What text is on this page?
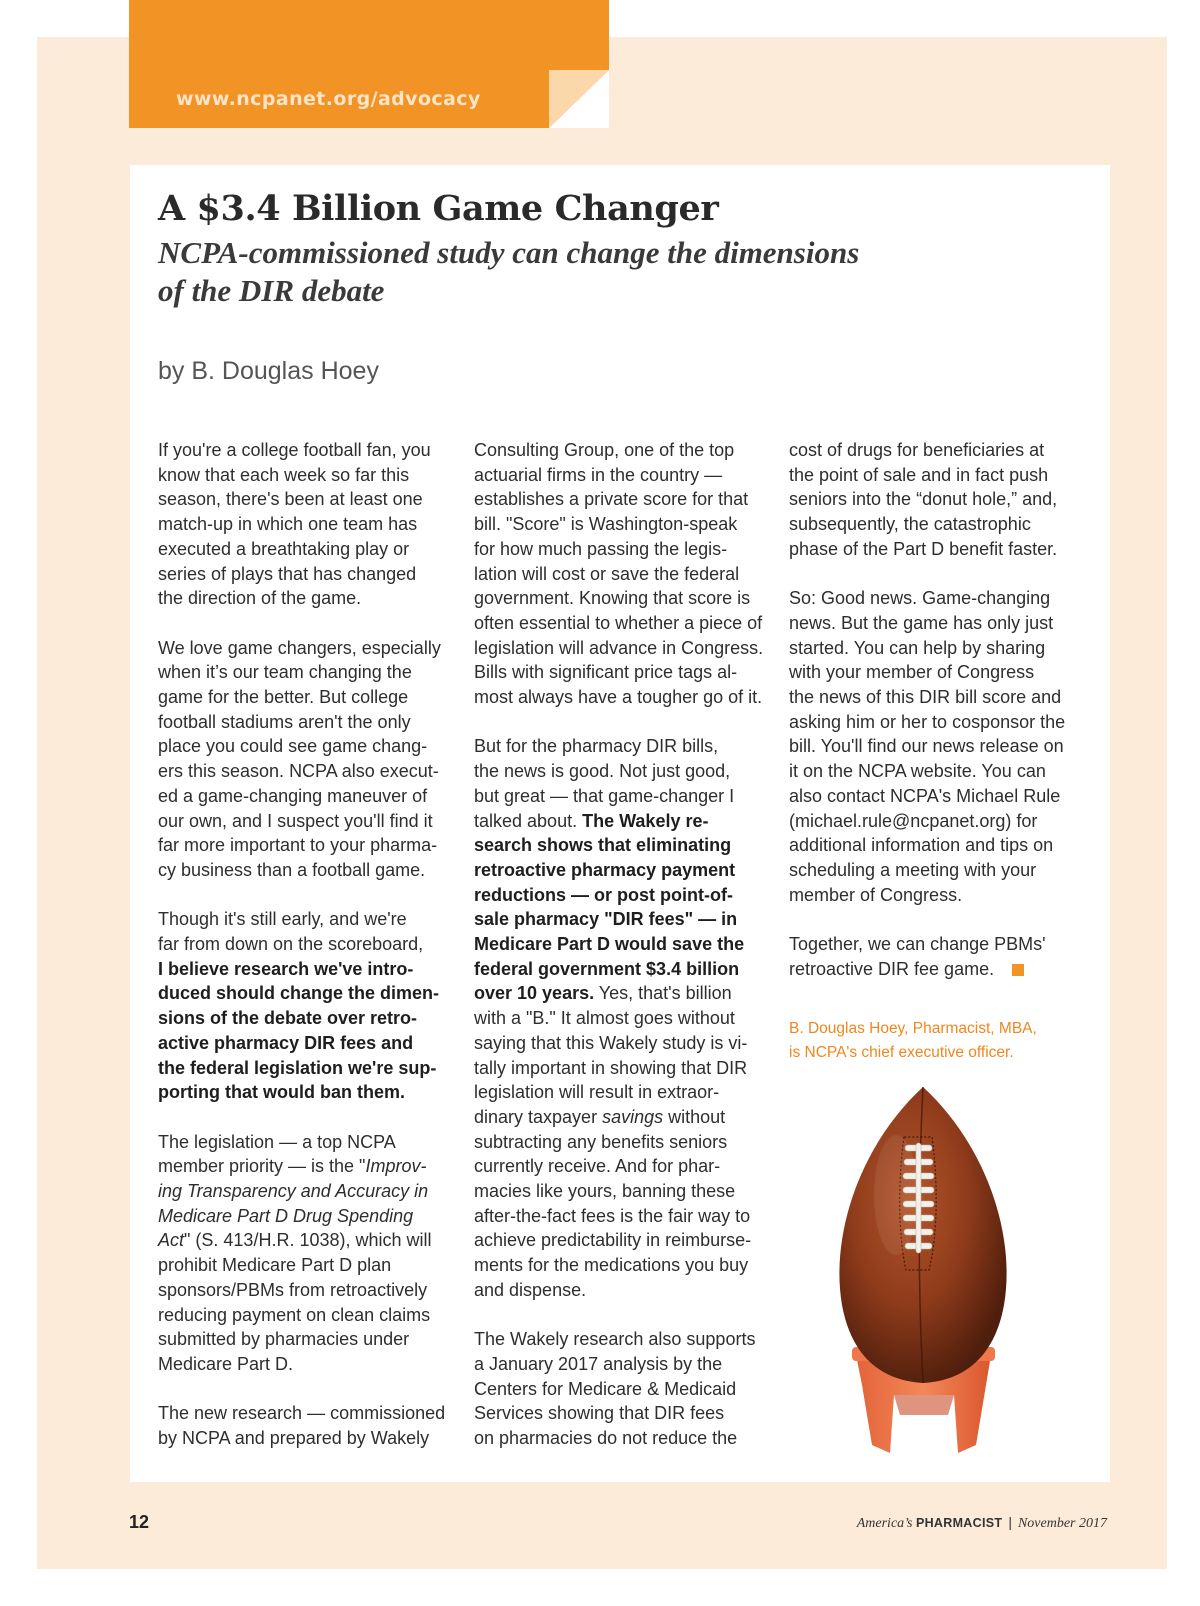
www.ncpanet.org/advocacy
A $3.4 Billion Game Changer
NCPA-commissioned study can change the dimensions
of the DIR debate
by B. Douglas Hoey

If you're a college football fan, you
know that each week so far this
season, there's been at least one
match-up in which one team has
executed a breathtaking play or
series of plays that has changed
the direction of the game.

We love game changers, especially
when it’s our team changing the
game for the better. But college
football stadiums aren't the only
place you could see game chang-
ers this season. NCPA also execut-
ed a game-changing maneuver of
our own, and I suspect you'll find it
far more important to your pharma-
cy business than a football game.

Though it's still early, and we're
far from down on the scoreboard,
I believe research we've intro-
duced should change the dimen-
sions of the debate over retro-
active pharmacy DIR fees and
the federal legislation we're sup-
porting that would ban them.

The legislation — a top NCPA
member priority — is the "Improv-
ing Transparency and Accuracy in
Medicare Part D Drug Spending
Act" (S. 413/H.R. 1038), which will
prohibit Medicare Part D plan
sponsors/PBMs from retroactively
reducing payment on clean claims
submitted by pharmacies under
Medicare Part D.

The new research — commissioned
by NCPA and prepared by Wakely

Consulting Group, one of the top
actuarial firms in the country —
establishes a private score for that
bill. "Score" is Washington-speak
for how much passing the legis-
lation will cost or save the federal
government. Knowing that score is
often essential to whether a piece of
legislation will advance in Congress.
Bills with significant price tags al-
most always have a tougher go of it.

But for the pharmacy DIR bills,
the news is good. Not just good,
but great — that game-changer I
talked about. The Wakely re-
search shows that eliminating
retroactive pharmacy payment
reductions — or post point-of-
sale pharmacy "DIR fees" — in
Medicare Part D would save the
federal government $3.4 billion
over 10 years. Yes, that's billion
with a "B." It almost goes without
saying that this Wakely study is vi-
tally important in showing that DIR
legislation will result in extraor-
dinary taxpayer savings without
subtracting any benefits seniors
currently receive. And for phar-
macies like yours, banning these
after-the-fact fees is the fair way to
achieve predictability in reimburse-
ments for the medications you buy
and dispense.

The Wakely research also supports
a January 2017 analysis by the
Centers for Medicare & Medicaid
Services showing that DIR fees
on pharmacies do not reduce the

cost of drugs for beneficiaries at
the point of sale and in fact push
seniors into the “donut hole,” and,
subsequently, the catastrophic
phase of the Part D benefit faster.

So: Good news. Game-changing
news. But the game has only just
started. You can help by sharing
with your member of Congress
the news of this DIR bill score and
asking him or her to cosponsor the
bill. You'll find our news release on
it on the NCPA website. You can
also contact NCPA's Michael Rule
(michael.rule@ncpanet.org) for
additional information and tips on
scheduling a meeting with your
member of Congress.

Together, we can change PBMs'
retroactive DIR fee game.

B. Douglas Hoey, Pharmacist, MBA,
is NCPA's chief executive officer.
12	America’s PHARMACIST | November 2017
